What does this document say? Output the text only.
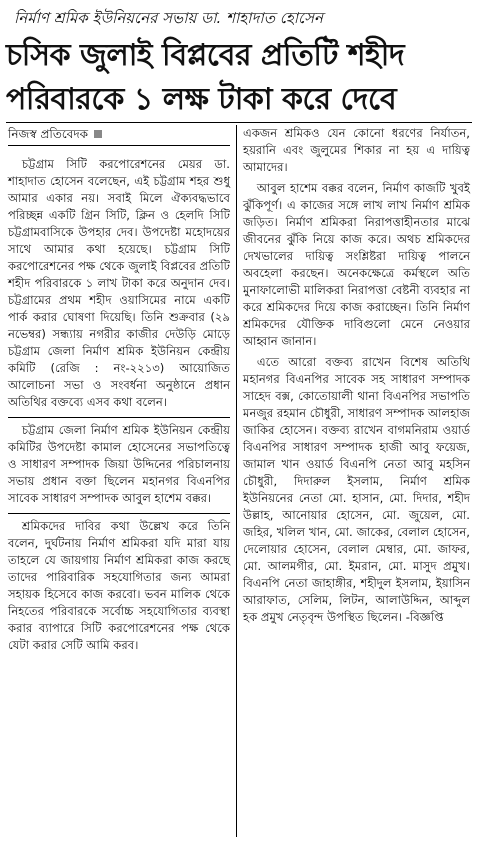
নির্মাণ শ্রমিক ইউনিয়নের সভায় ডা. শাহাদাত হোসেন
চসিক জুলাই বিপ্লবের প্রতিটি শহীদ
পরিবারকে ১ লক্ষ টাকা করে দেবে
নিজস্ব প্রতিবেদক

চট্টগ্রাম সিটি করপোরেশনের মেয়র ডা. শাহাদাত হোসেন বলেছেন, এই চট্টগ্রাম শহর শুধু আমার একার নয়। সবাই মিলে ঐক্যবদ্ধভাবে পরিচ্ছন্ন একটি গ্রিন সিটি, ক্লিন ও হেলদি সিটি চট্টগ্রামবাসিকে উপহার দেব। উপদেষ্টা মহোদয়ের সাথে আমার কথা হয়েছে। চট্টগ্রাম সিটি করপোরেশনের পক্ষ থেকে জুলাই বিপ্লবের প্রতিটি শহীদ পরিবারকে ১ লাখ টাকা করে অনুদান দেব। চট্টগ্রামের প্রথম শহীদ ওয়াসিমের নামে একটি পার্ক করার ঘোষণা দিয়েছি। তিনি শুক্রবার (২৯ নভেম্বর) সন্ধ্যায় নগরীর কাজীর দেউড়ি মোড়ে চট্টগ্রাম জেলা নির্মাণ শ্রমিক ইউনিয়ন কেন্দ্রীয় কমিটি (রেজি : নং-২২১৩) আয়োজিত আলোচনা সভা ও সংবর্ধনা অনুষ্ঠানে প্রধান অতিথির বক্তব্যে এসব কথা বলেন।

চট্টগ্রাম জেলা নির্মাণ শ্রমিক ইউনিয়ন কেন্দ্রীয় কমিটির উপদেষ্টা কামাল হোসেনের সভাপতিত্বে ও সাধারণ সম্পাদক জিয়া উদ্দিনের পরিচালনায় সভায় প্রধান বক্তা ছিলেন মহানগর বিএনপির সাবেক সাধারণ সম্পাদক আবুল হাশেম বক্কর।

শ্রমিকদের দাবির কথা উল্লেখ করে তিনি বলেন, দুর্ঘটনায় নির্মাণ শ্রমিকরা যদি মারা যায় তাহলে যে জায়গায় নির্মাণ শ্রমিকরা কাজ করছে তাদের পারিবারিক সহযোগিতার জন্য আমরা সহায়ক হিসেবে কাজ করবো। ভবন মালিক থেকে নিহতের পরিবারকে সর্বোচ্চ সহযোগিতার ব্যবস্থা করার ব্যাপারে সিটি করপোরেশনের পক্ষ থেকে যেটা করার সেটি আমি করব।

একজন শ্রমিকও যেন কোনো ধরণের নির্যাতন, হয়রানি এবং জুলুমের শিকার না হয় এ দায়িত্ব আমাদের।

আবুল হাশেম বক্কর বলেন, নির্মাণ কাজটি খুবই ঝুঁকিপূর্ণ। এ কাজের সঙ্গে লাখ লাখ নির্মাণ শ্রমিক জড়িত। নির্মাণ শ্রমিকরা নিরাপত্তাহীনতার মাঝে জীবনের ঝুঁকি নিয়ে কাজ করে। অথচ শ্রমিকদের দেখভালের দায়িত্ব সংশ্লিষ্টরা দায়িত্ব পালনে অবহেলা করছেন। অনেকক্ষেত্রে কর্মস্থলে অতি মুনাফালোভী মালিকরা নিরাপত্তা বেষ্টনী ব্যবহার না করে শ্রমিকদের দিয়ে কাজ করাচ্ছেন। তিনি নির্মাণ শ্রমিকদের যৌক্তিক দাবিগুলো মেনে নেওয়ার আহ্বান জানান।

এতে আরো বক্তব্য রাখেন বিশেষ অতিথি মহানগর বিএনপির সাবেক সহ সাধারণ সম্পাদক সাহেদ বক্স, কোতোয়ালী থানা বিএনপির সভাপতি মনজুর রহমান চৌধুরী, সাধারণ সম্পাদক আলহাজ জাকির হোসেন। বক্তব্য রাখেন বাগমনিরাম ওয়ার্ড বিএনপির সাধারণ সম্পাদক হাজী আবু ফয়েজ, জামাল খান ওয়ার্ড বিএনপি নেতা আবু মহসিন চৌধুরী, দিদারুল ইসলাম, নির্মাণ শ্রমিক ইউনিয়নের নেতা মো. হাসান, মো. দিদার, শহীদ উল্লাহ, আনোয়ার হোসেন, মো. জুয়েল, মো. জহির, খলিল খান, মো. জাকের, বেলাল হোসেন, দেলোয়ার হোসেন, বেলাল মেম্বার, মো. জাফর, মো. আলমগীর, মো. ইমরান, মো. মাসুদ প্রমুখ। বিএনপি নেতা জাহাঙ্গীর, শহীদুল ইসলাম, ইয়াসিন আরাফাত, সেলিম, লিটন, আলাউদ্দিন, আব্দুল হক প্রমুখ নেতৃবৃন্দ উপস্থিত ছিলেন। -বিজ্ঞপ্তি
